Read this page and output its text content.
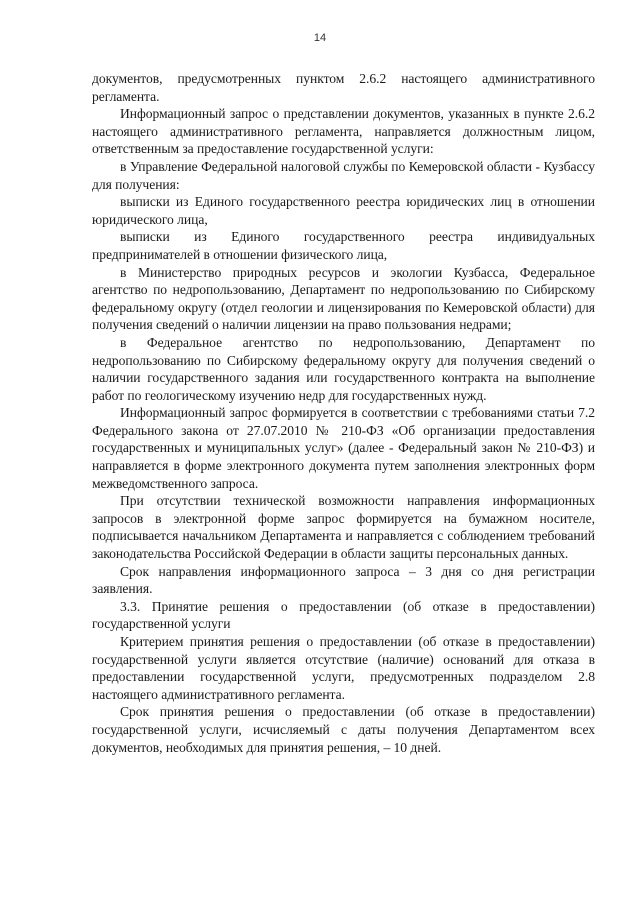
14

документов, предусмотренных пунктом 2.6.2 настоящего административного регламента.

Информационный запрос о представлении документов, указанных в пункте 2.6.2 настоящего административного регламента, направляется должностным лицом, ответственным за предоставление государственной услуги:

в Управление Федеральной налоговой службы по Кемеровской области - Кузбассу для получения:

выписки из Единого государственного реестра юридических лиц в отношении юридического лица,

выписки из Единого государственного реестра индивидуальных предпринимателей в отношении физического лица,

в Министерство природных ресурсов и экологии Кузбасса, Федеральное агентство по недропользованию, Департамент по недропользованию по Сибирскому федеральному округу (отдел геологии и лицензирования по Кемеровской области) для получения сведений о наличии лицензии на право пользования недрами;

в Федеральное агентство по недропользованию, Департамент по недропользованию по Сибирскому федеральному округу для получения сведений о наличии государственного задания или государственного контракта на выполнение работ по геологическому изучению недр для государственных нужд.

Информационный запрос формируется в соответствии с требованиями статьи 7.2 Федерального закона от 27.07.2010 № 210-ФЗ «Об организации предоставления государственных и муниципальных услуг» (далее - Федеральный закон № 210-ФЗ) и направляется в форме электронного документа путем заполнения электронных форм межведомственного запроса.

При отсутствии технической возможности направления информационных запросов в электронной форме запрос формируется на бумажном носителе, подписывается начальником Департамента и направляется с соблюдением требований законодательства Российской Федерации в области защиты персональных данных.

Срок направления информационного запроса – 3 дня со дня регистрации заявления.

3.3. Принятие решения о предоставлении (об отказе в предоставлении) государственной услуги

Критерием принятия решения о предоставлении (об отказе в предоставлении) государственной услуги является отсутствие (наличие) оснований для отказа в предоставлении государственной услуги, предусмотренных подразделом 2.8 настоящего административного регламента.

Срок принятия решения о предоставлении (об отказе в предоставлении) государственной услуги, исчисляемый с даты получения Департаментом всех документов, необходимых для принятия решения, – 10 дней.
